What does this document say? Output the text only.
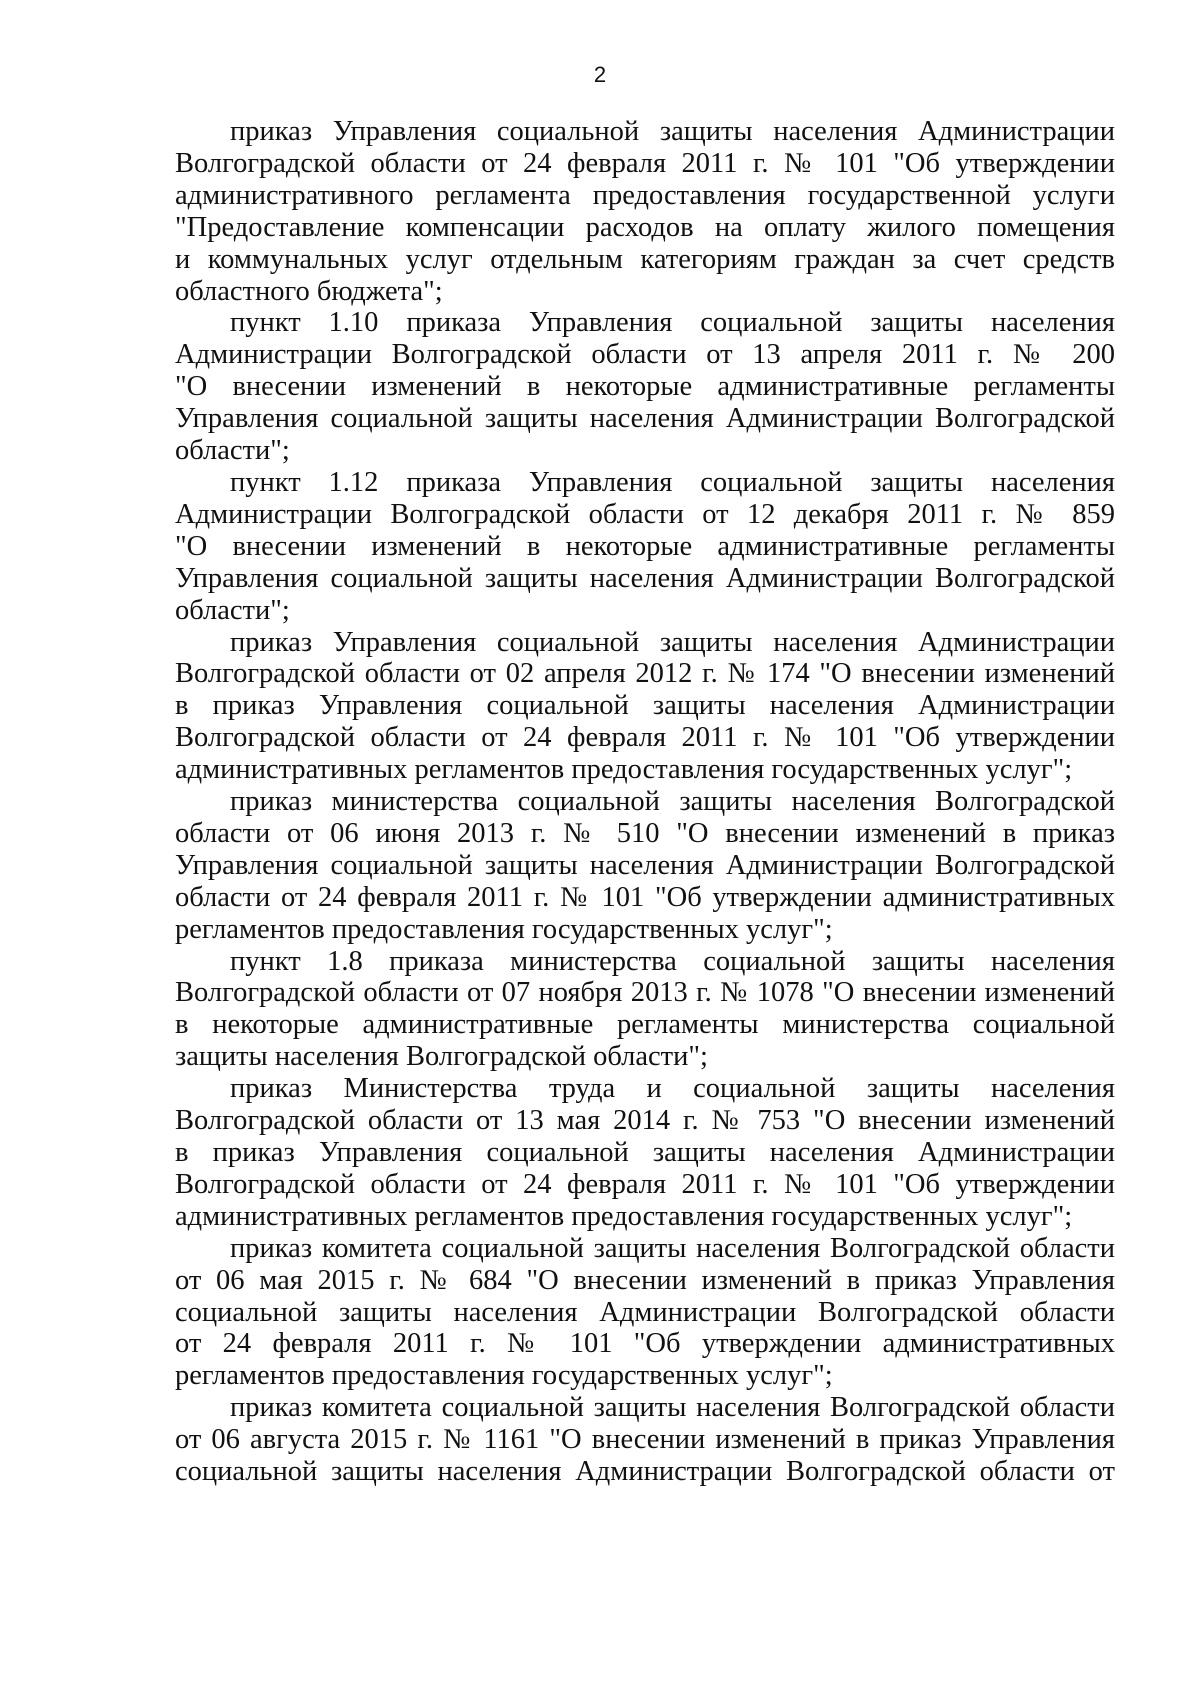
2

приказ Управления социальной защиты населения Администрации
Волгоградской области от 24 февраля 2011 г. № 101 "Об утверждении
административного регламента предоставления государственной услуги
"Предоставление компенсации расходов на оплату жилого помещения
и коммунальных услуг отдельным категориям граждан за счет средств
областного бюджета";

пункт 1.10 приказа Управления социальной защиты населения
Администрации Волгоградской области от 13 апреля 2011 г. № 200
"О внесении изменений в некоторые административные регламенты
Управления социальной защиты населения Администрации Волгоградской
области";

пункт 1.12 приказа Управления социальной защиты населения
Администрации Волгоградской области от 12 декабря 2011 г. № 859
"О внесении изменений в некоторые административные регламенты
Управления социальной защиты населения Администрации Волгоградской
области";

приказ Управления социальной защиты населения Администрации
Волгоградской области от 02 апреля 2012 г. № 174 "О внесении изменений
в приказ Управления социальной защиты населения Администрации
Волгоградской области от 24 февраля 2011 г. № 101 "Об утверждении
административных регламентов предоставления государственных услуг";

приказ министерства социальной защиты населения Волгоградской
области от 06 июня 2013 г. № 510 "О внесении изменений в приказ
Управления социальной защиты населения Администрации Волгоградской
области от 24 февраля 2011 г. № 101 "Об утверждении административных
регламентов предоставления государственных услуг";

пункт 1.8 приказа министерства социальной защиты населения
Волгоградской области от 07 ноября 2013 г. № 1078 "О внесении изменений
в некоторые административные регламенты министерства социальной
защиты населения Волгоградской области";

приказ Министерства труда и социальной защиты населения
Волгоградской области от 13 мая 2014 г. № 753 "О внесении изменений
в приказ Управления социальной защиты населения Администрации
Волгоградской области от 24 февраля 2011 г. № 101 "Об утверждении
административных регламентов предоставления государственных услуг";

приказ комитета социальной защиты населения Волгоградской области
от 06 мая 2015 г. № 684 "О внесении изменений в приказ Управления
социальной защиты населения Администрации Волгоградской области
от 24 февраля 2011 г. № 101 "Об утверждении административных
регламентов предоставления государственных услуг";

приказ комитета социальной защиты населения Волгоградской области
от 06 августа 2015 г. № 1161 "О внесении изменений в приказ Управления
социальной защиты населения Администрации Волгоградской области от
